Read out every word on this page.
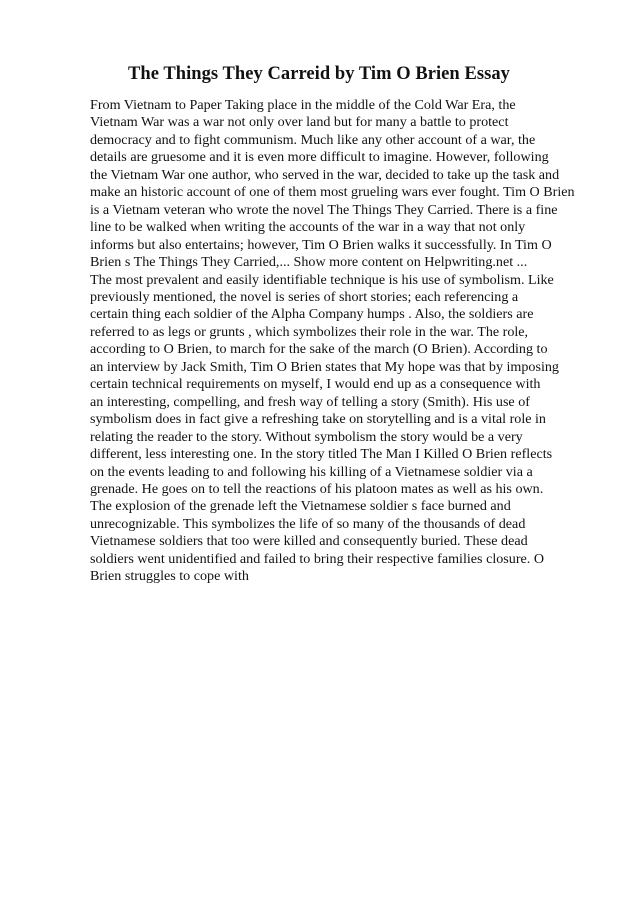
The Things They Carreid by Tim O Brien Essay
From Vietnam to Paper Taking place in the middle of the Cold War Era, the
Vietnam War was a war not only over land but for many a battle to protect
democracy and to fight communism. Much like any other account of a war, the
details are gruesome and it is even more difficult to imagine. However, following
the Vietnam War one author, who served in the war, decided to take up the task and
make an historic account of one of them most grueling wars ever fought. Tim O Brien
is a Vietnam veteran who wrote the novel The Things They Carried. There is a fine
line to be walked when writing the accounts of the war in a way that not only
informs but also entertains; however, Tim O Brien walks it successfully. In Tim O
Brien s The Things They Carried,... Show more content on Helpwriting.net ...
The most prevalent and easily identifiable technique is his use of symbolism. Like
previously mentioned, the novel is series of short stories; each referencing a
certain thing each soldier of the Alpha Company humps . Also, the soldiers are
referred to as legs or grunts , which symbolizes their role in the war. The role,
according to O Brien, to march for the sake of the march (O Brien). According to
an interview by Jack Smith, Tim O Brien states that My hope was that by imposing
certain technical requirements on myself, I would end up as a consequence with
an interesting, compelling, and fresh way of telling a story (Smith). His use of
symbolism does in fact give a refreshing take on storytelling and is a vital role in
relating the reader to the story. Without symbolism the story would be a very
different, less interesting one. In the story titled The Man I Killed O Brien reflects
on the events leading to and following his killing of a Vietnamese soldier via a
grenade. He goes on to tell the reactions of his platoon mates as well as his own.
The explosion of the grenade left the Vietnamese soldier s face burned and
unrecognizable. This symbolizes the life of so many of the thousands of dead
Vietnamese soldiers that too were killed and consequently buried. These dead
soldiers went unidentified and failed to bring their respective families closure. O
Brien struggles to cope with
